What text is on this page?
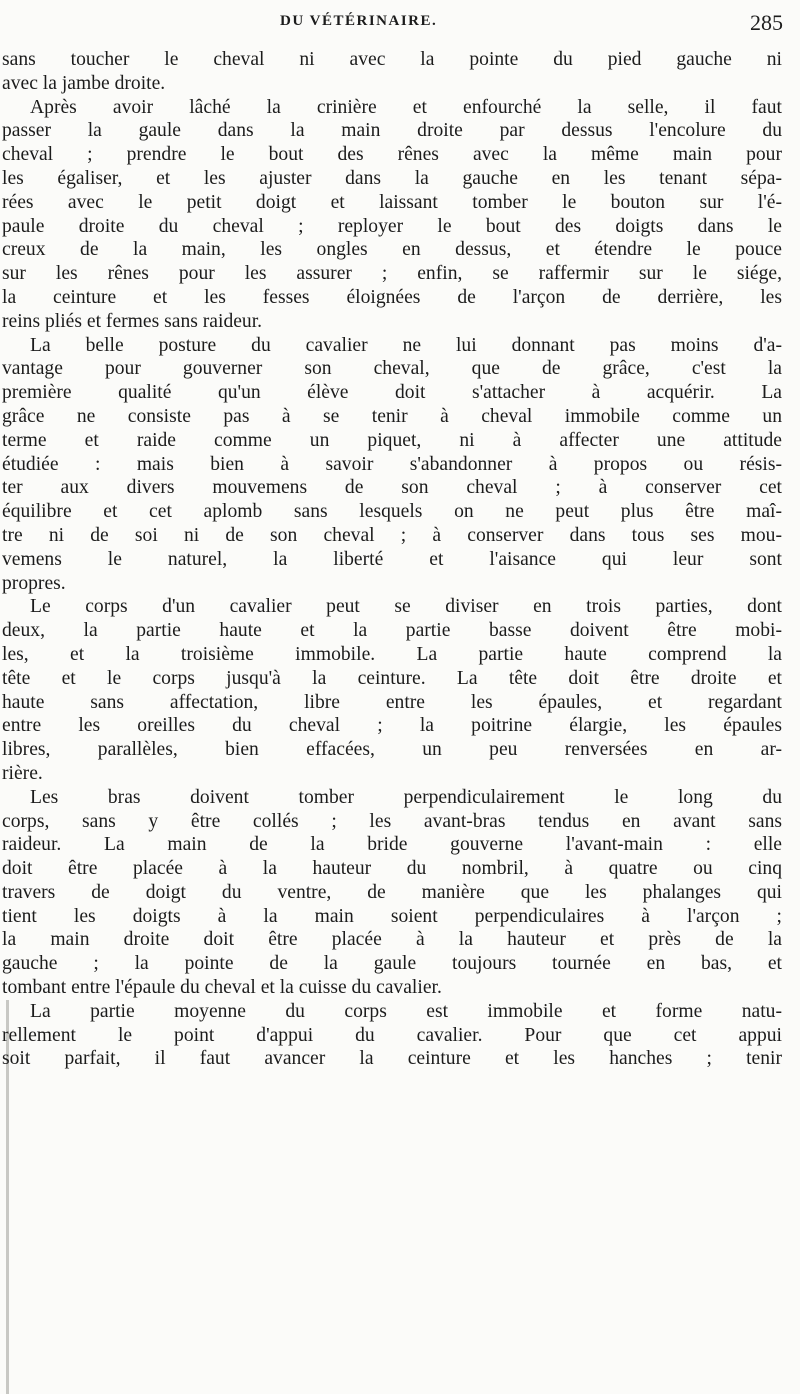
DU VÉTÉRINAIRE.	285
sans toucher le cheval ni avec la pointe du pied gauche ni
avec la jambe droite.
Après avoir lâché la crinière et enfourché la selle, il faut
passer la gaule dans la main droite par dessus l'encolure du
cheval ; prendre le bout des rênes avec la même main pour
les égaliser, et les ajuster dans la gauche en les tenant sépa-
rées avec le petit doigt et laissant tomber le bouton sur l'é-
paule droite du cheval ; reployer le bout des doigts dans le
creux de la main, les ongles en dessus, et étendre le pouce
sur les rênes pour les assurer ; enfin, se raffermir sur le siége,
la ceinture et les fesses éloignées de l'arçon de derrière, les
reins pliés et fermes sans raideur.
La belle posture du cavalier ne lui donnant pas moins d'a-
vantage pour gouverner son cheval, que de grâce, c'est la
première qualité qu'un élève doit s'attacher à acquérir. La
grâce ne consiste pas à se tenir à cheval immobile comme un
terme et raide comme un piquet, ni à affecter une attitude
étudiée : mais bien à savoir s'abandonner à propos ou résis-
ter aux divers mouvemens de son cheval ; à conserver cet
équilibre et cet aplomb sans lesquels on ne peut plus être maî-
tre ni de soi ni de son cheval ; à conserver dans tous ses mou-
vemens le naturel, la liberté et l'aisance qui leur sont
propres.
Le corps d'un cavalier peut se diviser en trois parties, dont
deux, la partie haute et la partie basse doivent être mobi-
les, et la troisième immobile. La partie haute comprend la
tête et le corps jusqu'à la ceinture. La tête doit être droite et
haute sans affectation, libre entre les épaules, et regardant
entre les oreilles du cheval ; la poitrine élargie, les épaules
libres, parallèles, bien effacées, un peu renversées en ar-
rière.
Les bras doivent tomber perpendiculairement le long du
corps, sans y être collés ; les avant-bras tendus en avant sans
raideur. La main de la bride gouverne l'avant-main : elle
doit être placée à la hauteur du nombril, à quatre ou cinq
travers de doigt du ventre, de manière que les phalanges qui
tient les doigts à la main soient perpendiculaires à l'arçon ;
la main droite doit être placée à la hauteur et près de la
gauche ; la pointe de la gaule toujours tournée en bas, et
tombant entre l'épaule du cheval et la cuisse du cavalier.
La partie moyenne du corps est immobile et forme natu-
rellement le point d'appui du cavalier. Pour que cet appui
soit parfait, il faut avancer la ceinture et les hanches ; tenir
